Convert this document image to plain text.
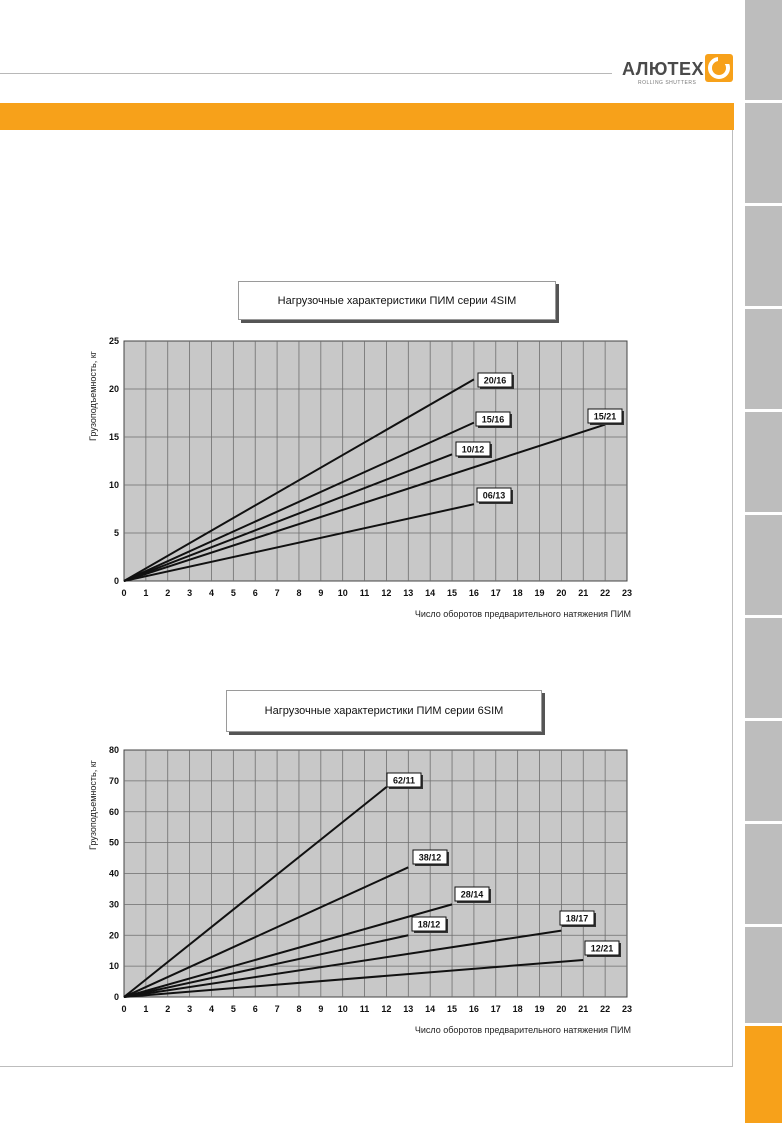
АЛЮТЕХ
ROLLING SHUTTERS
Нагрузочные характеристики ПИМ серии 4SIM
Нагрузочные характеристики ПИМ серии 6SIM
0 1 2 3 4 5 6 7 8 9 10 11 12 13 14 15 16 17 18 19 20 21 22 23
0
5
10
15
20
25
Число оборотов предварительного натяжения ПИМ
Грузоподъемность, кг	20/16
15/16
10/12
15/21
06/13
0 1 2 3 4 5 6 7 8 9 10 11 12 13 14 15 16 17 18 19 20 21 22 23
0
10
20
30
40
50
60
70
80
Число оборотов предварительного натяжения ПИМ
Грузоподъемность, кг	62/11
38/12
28/14
18/12
18/17
12/21
